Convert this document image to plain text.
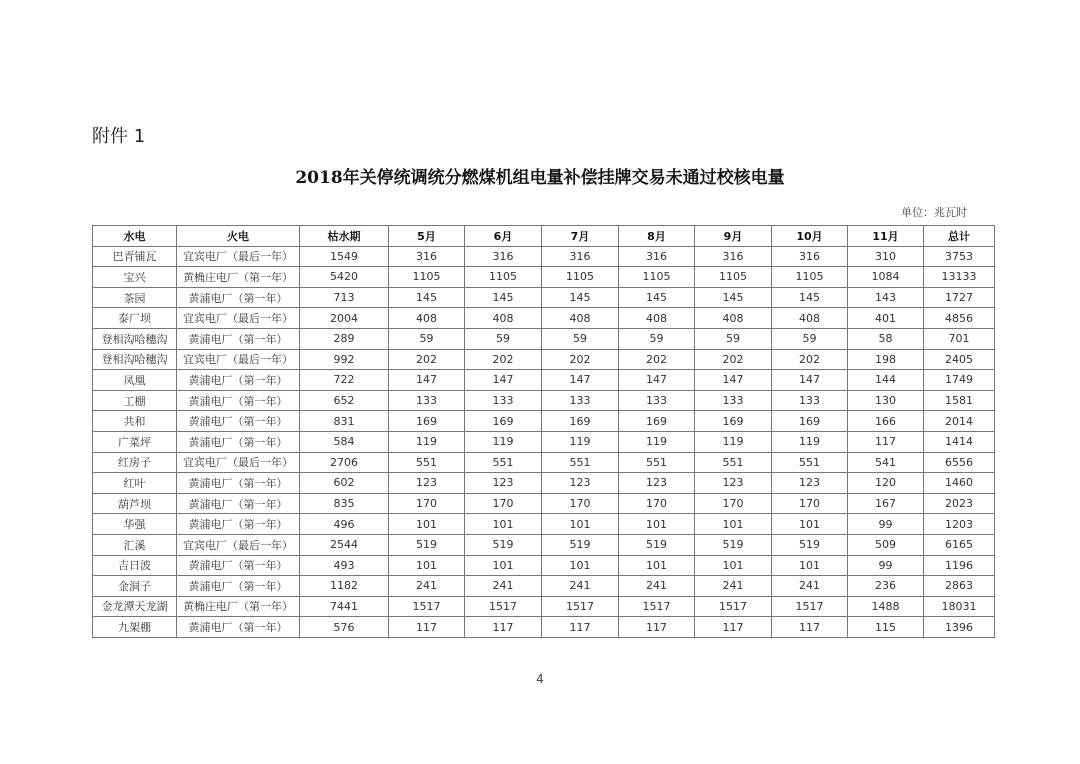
附件 1
2018年关停统调统分燃煤机组电量补偿挂牌交易未通过校核电量
单位：兆瓦时
水电	火电	枯水期	5月	6月	7月	8月	9月	10月	11月	总计
巴青铺瓦	宜宾电厂（最后一年）	1549	316	316	316	316	316	316	310	3753
宝兴	黄桷庄电厂（第一年）	5420	1105	1105	1105	1105	1105	1105	1084	13133
茶园	黄浦电厂（第一年）	713	145	145	145	145	145	145	143	1727
泰厂坝	宜宾电厂（最后一年）	2004	408	408	408	408	408	408	401	4856
登相沟哈穗沟	黄浦电厂（第一年）	289	59	59	59	59	59	59	58	701
登相沟哈穗沟	宜宾电厂（最后一年）	992	202	202	202	202	202	202	198	2405
凤凰	黄浦电厂（第一年）	722	147	147	147	147	147	147	144	1749
工棚	黄浦电厂（第一年）	652	133	133	133	133	133	133	130	1581
共和	黄浦电厂（第一年）	831	169	169	169	169	169	169	166	2014
广菜坪	黄浦电厂（第一年）	584	119	119	119	119	119	119	117	1414
红房子	宜宾电厂（最后一年）	2706	551	551	551	551	551	551	541	6556
红叶	黄浦电厂（第一年）	602	123	123	123	123	123	123	120	1460
葫芦坝	黄浦电厂（第一年）	835	170	170	170	170	170	170	167	2023
华强	黄浦电厂（第一年）	496	101	101	101	101	101	101	99	1203
汇溪	宜宾电厂（最后一年）	2544	519	519	519	519	519	519	509	6165
吉日波	黄浦电厂（第一年）	493	101	101	101	101	101	101	99	1196
金洞子	黄浦电厂（第一年）	1182	241	241	241	241	241	241	236	2863
金龙潭天龙湖	黄桷庄电厂（第一年）	7441	1517	1517	1517	1517	1517	1517	1488	18031
九架棚	黄浦电厂（第一年）	576	117	117	117	117	117	117	115	1396
4
